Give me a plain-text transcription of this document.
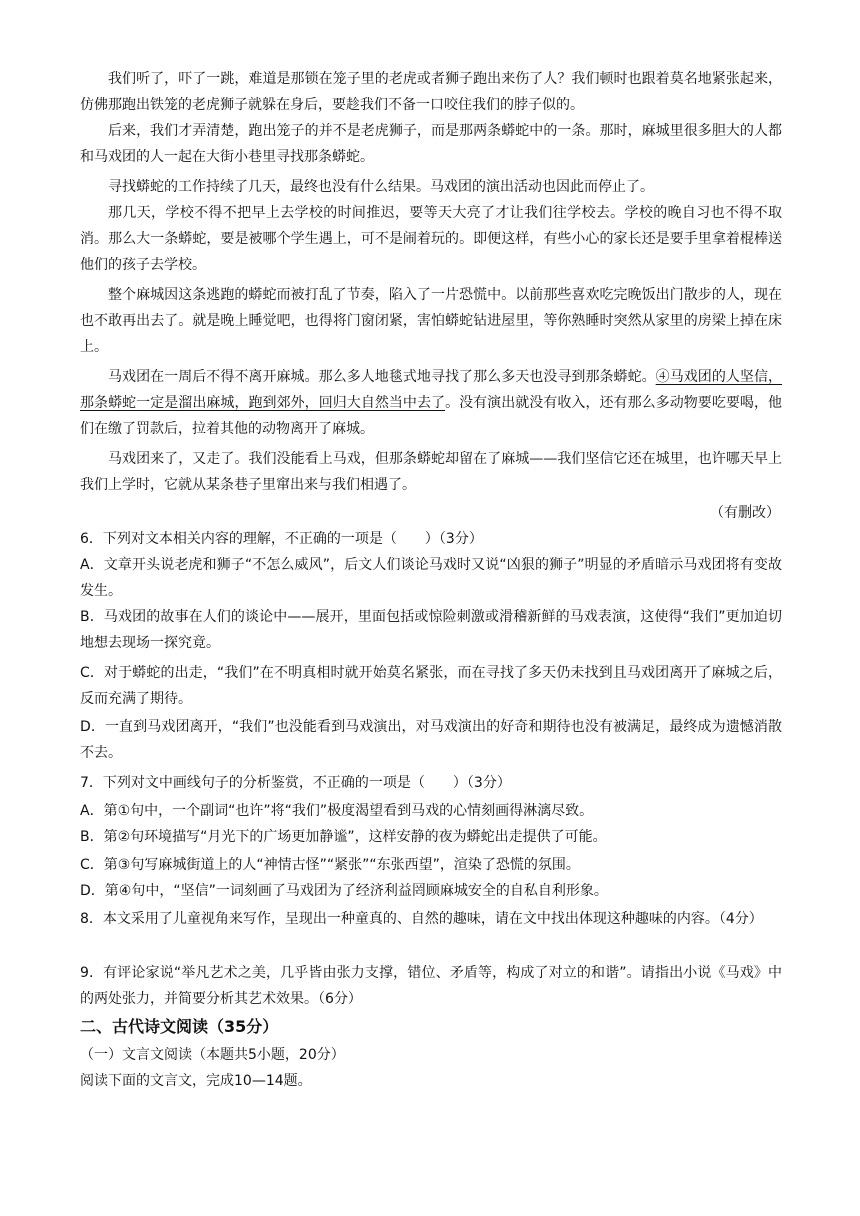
我们听了，吓了一跳，难道是那锁在笼子里的老虎或者狮子跑出来伤了人？我们顿时也跟着莫名地紧张起来，仿佛那跑出铁笼的老虎狮子就躲在身后，要趁我们不备一口咬住我们的脖子似的。

后来，我们才弄清楚，跑出笼子的并不是老虎狮子，而是那两条蟒蛇中的一条。那时，麻城里很多胆大的人都和马戏团的人一起在大街小巷里寻找那条蟒蛇。

寻找蟒蛇的工作持续了几天，最终也没有什么结果。马戏团的演出活动也因此而停止了。

那几天，学校不得不把早上去学校的时间推迟，要等天大亮了才让我们往学校去。学校的晚自习也不得不取消。那么大一条蟒蛇，要是被哪个学生遇上，可不是闹着玩的。即便这样，有些小心的家长还是要手里拿着棍棒送他们的孩子去学校。

整个麻城因这条逃跑的蟒蛇而被打乱了节奏，陷入了一片恐慌中。以前那些喜欢吃完晚饭出门散步的人，现在也不敢再出去了。就是晚上睡觉吧，也得将门窗闭紧，害怕蟒蛇钻进屋里，等你熟睡时突然从家里的房梁上掉在床上。

马戏团在一周后不得不离开麻城。那么多人地毯式地寻找了那么多天也没寻到那条蟒蛇。④马戏团的人坚信，那条蟒蛇一定是溜出麻城，跑到郊外，回归大自然当中去了。没有演出就没有收入，还有那么多动物要吃要喝，他们在缴了罚款后，拉着其他的动物离开了麻城。

马戏团来了，又走了。我们没能看上马戏，但那条蟒蛇却留在了麻城——我们坚信它还在城里，也许哪天早上我们上学时，它就从某条巷子里窜出来与我们相遇了。

（有删改）
6．下列对文本相关内容的理解，不正确的一项是（　　）（3分）
A．文章开头说老虎和狮子“不怎么威风”，后文人们谈论马戏时又说“凶狠的狮子”明显的矛盾暗示马戏团将有变故发生。
B．马戏团的故事在人们的谈论中——展开，里面包括或惊险刺激或滑稽新鲜的马戏表演，这使得“我们”更加迫切地想去现场一探究竟。
C．对于蟒蛇的出走，“我们”在不明真相时就开始莫名紧张，而在寻找了多天仍未找到且马戏团离开了麻城之后，反而充满了期待。
D．一直到马戏团离开，“我们”也没能看到马戏演出，对马戏演出的好奇和期待也没有被满足，最终成为遗憾消散不去。
7．下列对文中画线句子的分析鉴赏，不正确的一项是（　　）（3分）
A．第①句中，一个副词“也许”将“我们”极度渴望看到马戏的心情刻画得淋漓尽致。
B．第②句环境描写“月光下的广场更加静谧”，这样安静的夜为蟒蛇出走提供了可能。
C．第③句写麻城街道上的人“神情古怪”“紧张”“东张西望”，渲染了恐慌的氛围。
D．第④句中，“坚信”一词刻画了马戏团为了经济利益罔顾麻城安全的自私自利形象。
8．本文采用了儿童视角来写作，呈现出一种童真的、自然的趣味，请在文中找出体现这种趣味的内容。（4分）
9．有评论家说“举凡艺术之美，几乎皆由张力支撑，错位、矛盾等，构成了对立的和谐”。请指出小说《马戏》中的两处张力，并简要分析其艺术效果。（6分）
二、古代诗文阅读（35分）
（一）文言文阅读（本题共5小题，20分）
阅读下面的文言文，完成10—14题。
